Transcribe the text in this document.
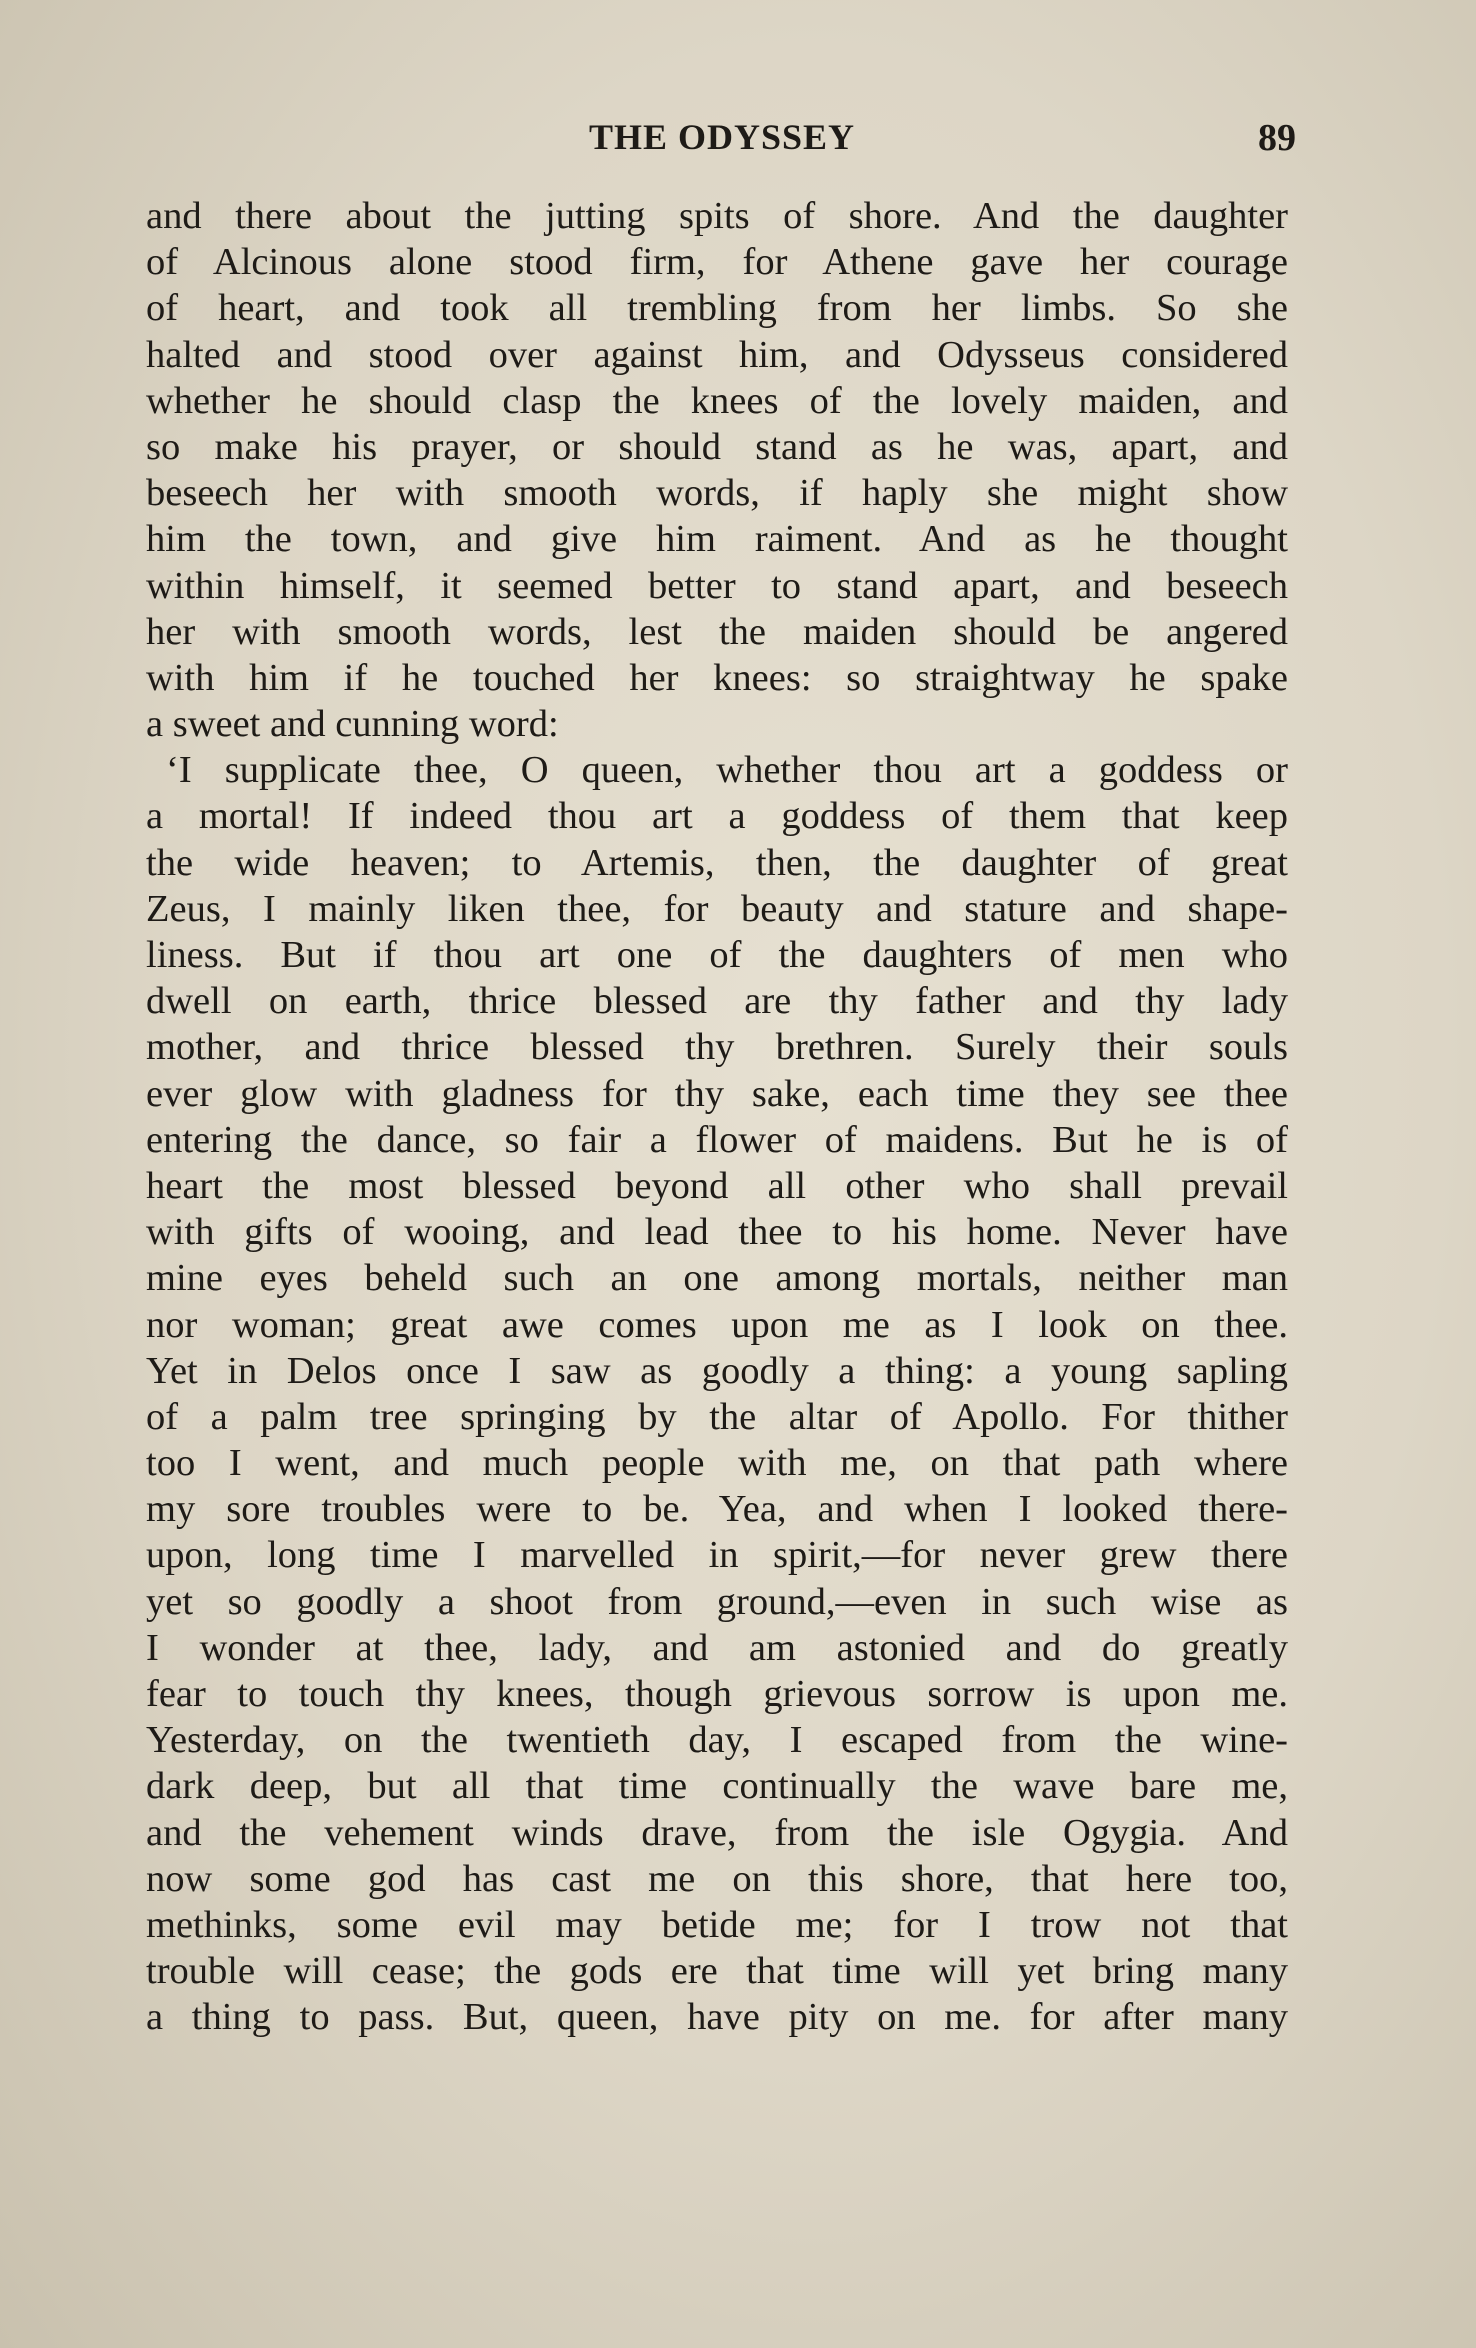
THE ODYSSEY	89
and there about the jutting spits of shore. And the daughter
of Alcinous alone stood firm, for Athene gave her courage
of heart, and took all trembling from her limbs. So she
halted and stood over against him, and Odysseus considered
whether he should clasp the knees of the lovely maiden, and
so make his prayer, or should stand as he was, apart, and
beseech her with smooth words, if haply she might show
him the town, and give him raiment. And as he thought
within himself, it seemed better to stand apart, and beseech
her with smooth words, lest the maiden should be angered
with him if he touched her knees: so straightway he spake
a sweet and cunning word:
‘I supplicate thee, O queen, whether thou art a goddess or
a mortal! If indeed thou art a goddess of them that keep
the wide heaven; to Artemis, then, the daughter of great
Zeus, I mainly liken thee, for beauty and stature and shape-
liness. But if thou art one of the daughters of men who
dwell on earth, thrice blessed are thy father and thy lady
mother, and thrice blessed thy brethren. Surely their souls
ever glow with gladness for thy sake, each time they see thee
entering the dance, so fair a flower of maidens. But he is of
heart the most blessed beyond all other who shall prevail
with gifts of wooing, and lead thee to his home. Never have
mine eyes beheld such an one among mortals, neither man
nor woman; great awe comes upon me as I look on thee.
Yet in Delos once I saw as goodly a thing: a young sapling
of a palm tree springing by the altar of Apollo. For thither
too I went, and much people with me, on that path where
my sore troubles were to be. Yea, and when I looked there-
upon, long time I marvelled in spirit,—for never grew there
yet so goodly a shoot from ground,—even in such wise as
I wonder at thee, lady, and am astonied and do greatly
fear to touch thy knees, though grievous sorrow is upon me.
Yesterday, on the twentieth day, I escaped from the wine-
dark deep, but all that time continually the wave bare me,
and the vehement winds drave, from the isle Ogygia. And
now some god has cast me on this shore, that here too,
methinks, some evil may betide me; for I trow not that
trouble will cease; the gods ere that time will yet bring many
a thing to pass. But, queen, have pity on me. for after many
